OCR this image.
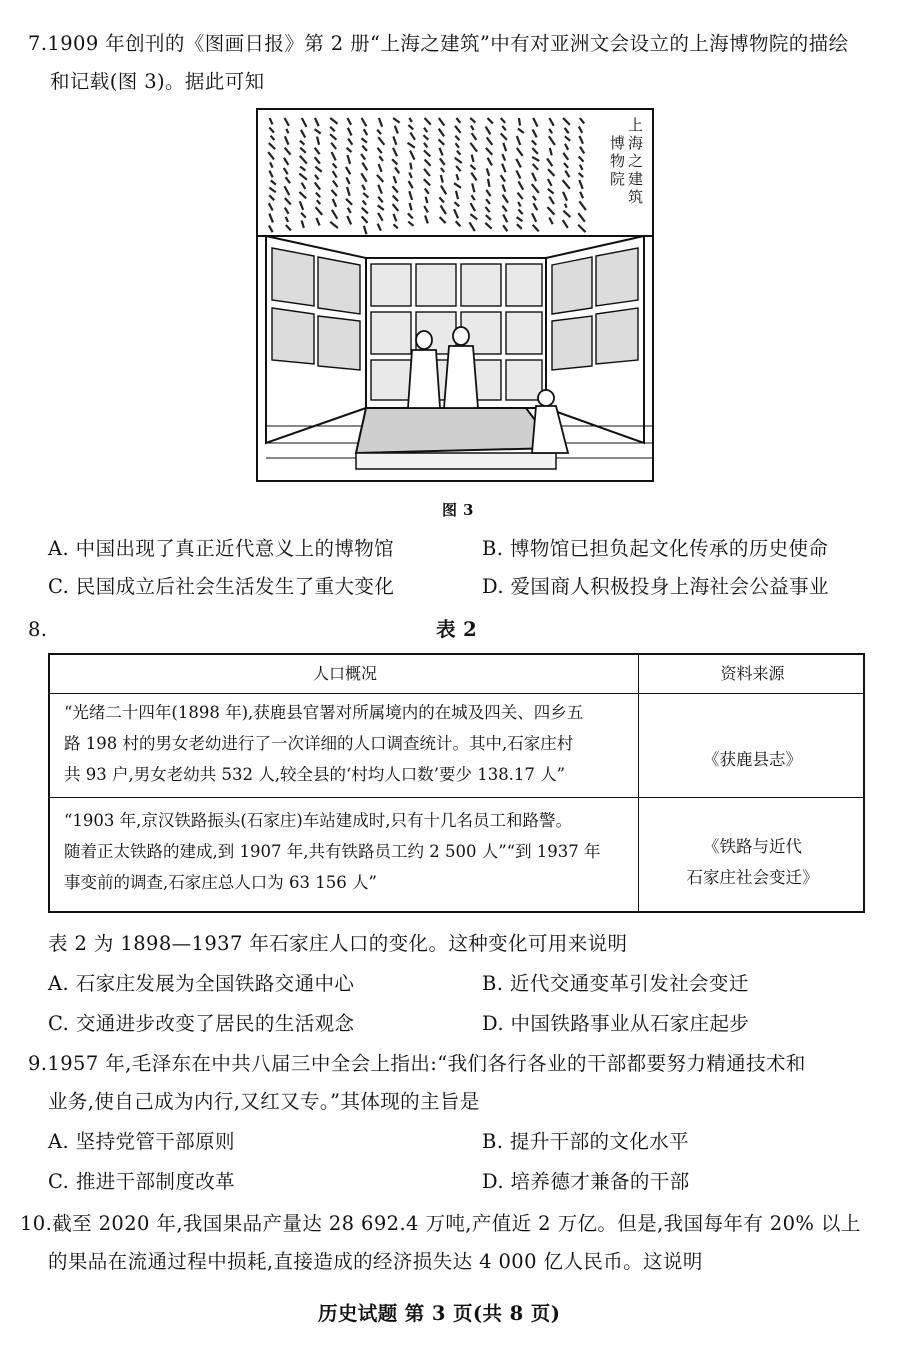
7.1909 年创刊的《图画日报》第 2 册“上海之建筑”中有对亚洲文会设立的上海博物院的描绘
和记载(图 3)。据此可知
上
海
之
建
筑
博
物
院
图 3
A. 中国出现了真正近代意义上的博物馆	B. 博物馆已担负起文化传承的历史使命
C. 民国成立后社会生活发生了重大变化	D. 爱国商人积极投身上海社会公益事业
8.	表 2
人口概况	资料来源
“光绪二十四年(1898 年),获鹿县官署对所属境内的在城及四关、四乡五
路 198 村的男女老幼进行了一次详细的人口调查统计。其中,石家庄村
共 93 户,男女老幼共 532 人,较全县的‘村均人口数’要少 138.17 人”
《获鹿县志》
“1903 年,京汉铁路振头(石家庄)车站建成时,只有十几名员工和路警。
随着正太铁路的建成,到 1907 年,共有铁路员工约 2 500 人”“到 1937 年
事变前的调查,石家庄总人口为 63 156 人”
《铁路与近代
石家庄社会变迁》
表 2 为 1898—1937 年石家庄人口的变化。这种变化可用来说明
A. 石家庄发展为全国铁路交通中心	B. 近代交通变革引发社会变迁
C. 交通进步改变了居民的生活观念	D. 中国铁路事业从石家庄起步
9.1957 年,毛泽东在中共八届三中全会上指出:“我们各行各业的干部都要努力精通技术和
业务,使自己成为内行,又红又专。”其体现的主旨是
A. 坚持党管干部原则	B. 提升干部的文化水平
C. 推进干部制度改革	D. 培养德才兼备的干部
10.截至 2020 年,我国果品产量达 28 692.4 万吨,产值近 2 万亿。但是,我国每年有 20% 以上
的果品在流通过程中损耗,直接造成的经济损失达 4 000 亿人民币。这说明
历史试题 第 3 页(共 8 页)
